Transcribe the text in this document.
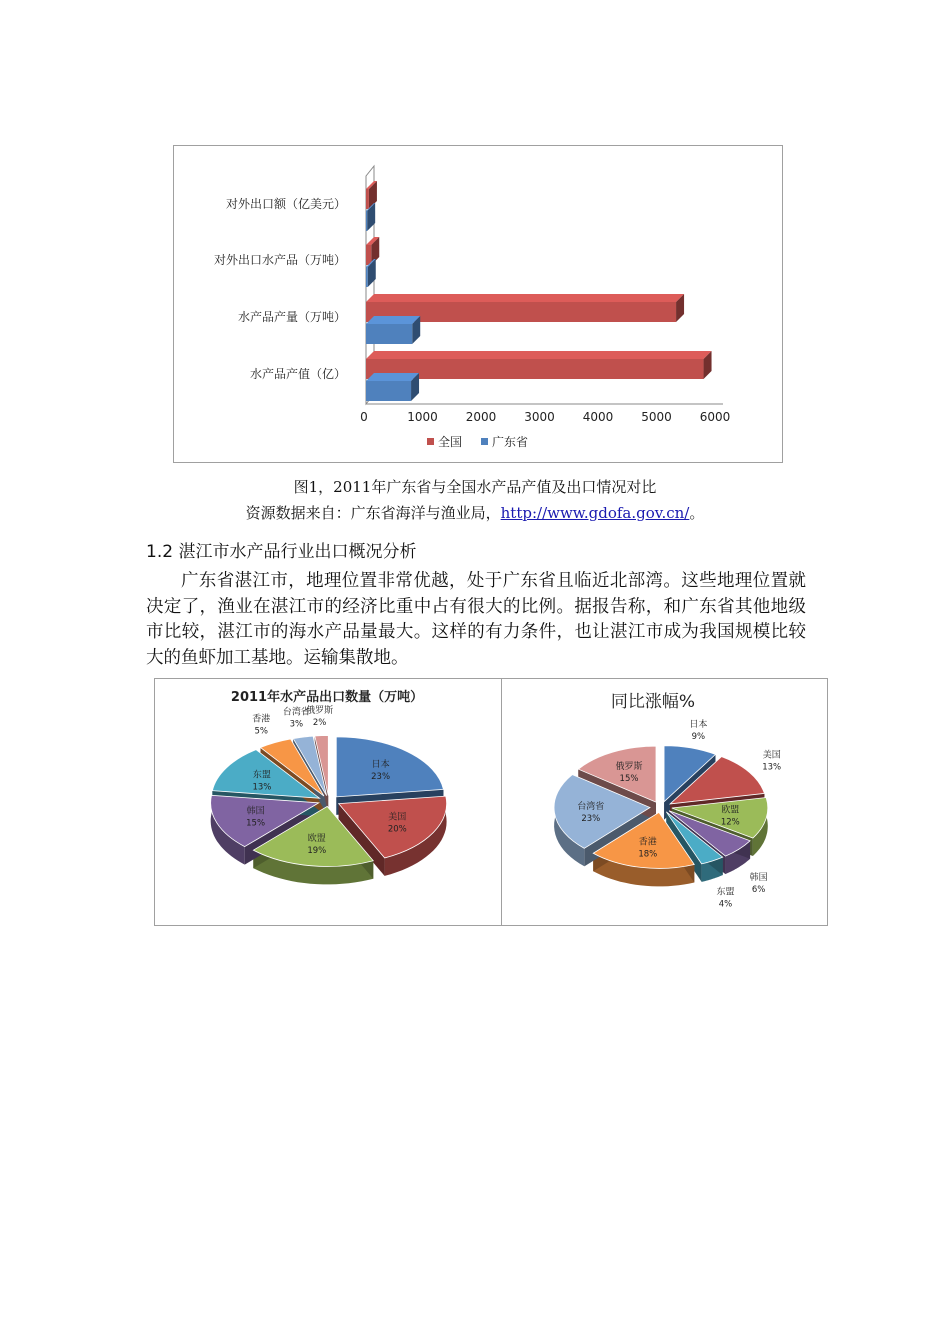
水产品产值（亿）
水产品产量（万吨）
对外出口水产品（万吨）
对外出口额（亿美元）
0	1000 2000 3000 4000 5000 6000
全国 广东省
图1，2011年广东省与全国水产品产值及出口情况对比
资源数据来自：广东省海洋与渔业局，http://www.gdofa.gov.cn/。
1.2 湛江市水产品行业出口概况分析

广东省湛江市，地理位置非常优越，处于广东省且临近北部湾。这些地理位置就决定了，渔业在湛江市的经济比重中占有很大的比例。据报告称，和广东省其他地级市比较，湛江市的海水产品量最大。这样的有力条件，也让湛江市成为我国规模比较大的鱼虾加工基地。运输集散地。

日本
23%
美国
20%
欧盟
19%
韩国
15%
东盟
13%
香港
5%
台湾省
3%
俄罗斯
2%
2011年水产品出口数量（万吨）
日本
9%
美国
13%
欧盟
12%
韩国
6%
东盟
4%
香港
18%
台湾省
23%
俄罗斯
15%
同比涨幅%
